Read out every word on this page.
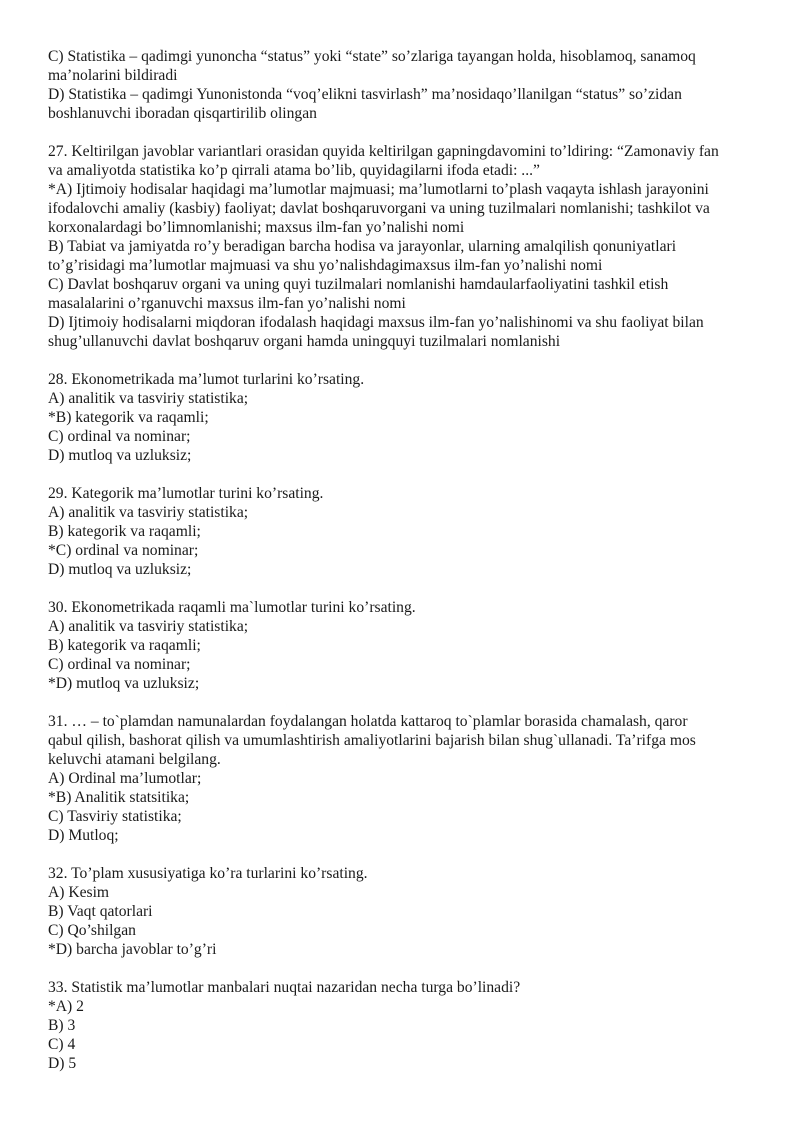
C) Statistika – qadimgi yunoncha “status” yoki “state” so’zlariga tayangan holda, hisoblamoq, sanamoq
ma’nolarini bildiradi
D) Statistika – qadimgi Yunonistonda “voq’elikni tasvirlash” ma’nosidaqo’llanilgan “status” so’zidan
boshlanuvchi iboradan qisqartirilib olingan
27. Keltirilgan javoblar variantlari orasidan quyida keltirilgan gapningdavomini to’ldiring: “Zamonaviy fan
va amaliyotda statistika ko’p qirrali atama bo’lib, quyidagilarni ifoda etadi: ...”
*A) Ijtimoiy hodisalar haqidagi ma’lumotlar majmuasi; ma’lumotlarni to’plash vaqayta ishlash jarayonini
ifodalovchi amaliy (kasbiy) faoliyat; davlat boshqaruvorgani va uning tuzilmalari nomlanishi; tashkilot va
korxonalardagi bo’limnomlanishi; maxsus ilm-fan yo’nalishi nomi
B) Tabiat va jamiyatda ro’y beradigan barcha hodisa va jarayonlar, ularning amalqilish qonuniyatlari
to’g’risidagi ma’lumotlar majmuasi va shu yo’nalishdagimaxsus ilm-fan yo’nalishi nomi
C) Davlat boshqaruv organi va uning quyi tuzilmalari nomlanishi hamdaularfaoliyatini tashkil etish
masalalarini o’rganuvchi maxsus ilm-fan yo’nalishi nomi
D) Ijtimoiy hodisalarni miqdoran ifodalash haqidagi maxsus ilm-fan yo’nalishinomi va shu faoliyat bilan
shug’ullanuvchi davlat boshqaruv organi hamda uningquyi tuzilmalari nomlanishi
28. Ekonometrikada ma’lumot turlarini ko’rsating.
A) analitik va tasviriy statistika;
*B) kategorik va raqamli;
C) ordinal va nominar;
D) mutloq va uzluksiz;
29. Kategorik ma’lumotlar turini ko’rsating.
A) analitik va tasviriy statistika;
B) kategorik va raqamli;
*C) ordinal va nominar;
D) mutloq va uzluksiz;
30. Ekonometrikada raqamli ma`lumotlar turini ko’rsating.
A) analitik va tasviriy statistika;
B) kategorik va raqamli;
C) ordinal va nominar;
*D) mutloq va uzluksiz;
31. … – to`plamdan namunalardan foydalangan holatda kattaroq to`plamlar borasida chamalash, qaror
qabul qilish, bashorat qilish va umumlashtirish amaliyotlarini bajarish bilan shug`ullanadi. Ta’rifga mos
keluvchi atamani belgilang.
A) Ordinal ma’lumotlar;
*B) Analitik statsitika;
C) Tasviriy statistika;
D) Mutloq;
32. To’plam xususiyatiga ko’ra turlarini ko’rsating.
A) Kesim
B) Vaqt qatorlari
C) Qo’shilgan
*D) barcha javoblar to’g’ri
33. Statistik ma’lumotlar manbalari nuqtai nazaridan necha turga bo’linadi?
*A) 2
B) 3
C) 4
D) 5
